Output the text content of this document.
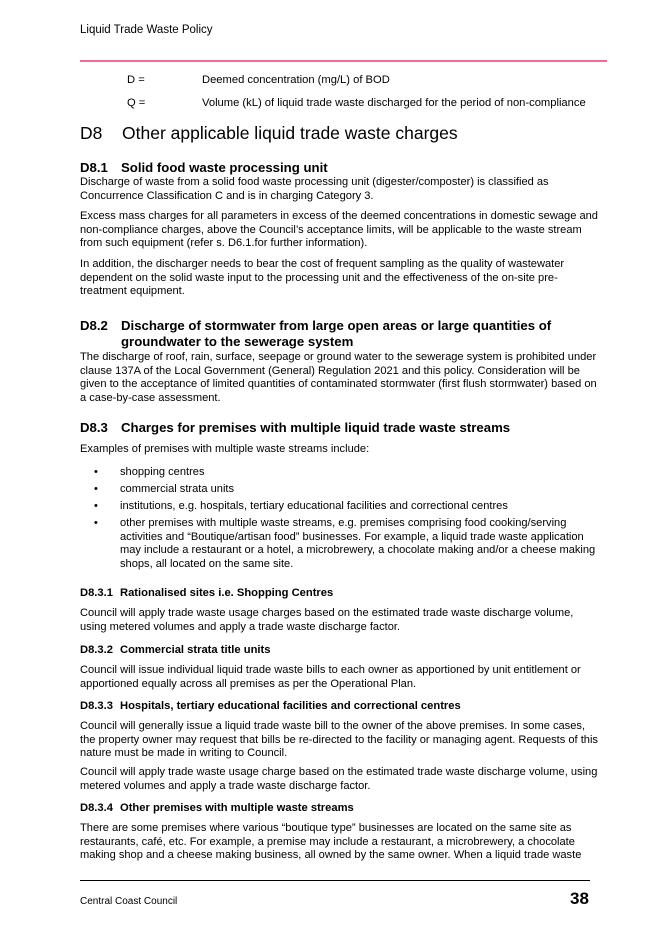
Liquid Trade Waste Policy
D =	Deemed concentration (mg/L) of BOD
Q =	Volume (kL) of liquid trade waste discharged for the period of non-compliance
D8 Other applicable liquid trade waste charges
D8.1 Solid food waste processing unit
Discharge of waste from a solid food waste processing unit (digester/composter) is classified as Concurrence Classification C and is in charging Category 3.
Excess mass charges for all parameters in excess of the deemed concentrations in domestic sewage and non-compliance charges, above the Council’s acceptance limits, will be applicable to the waste stream from such equipment (refer s. D6.1.for further information).
In addition, the discharger needs to bear the cost of frequent sampling as the quality of wastewater dependent on the solid waste input to the processing unit and the effectiveness of the on-site pre-treatment equipment.
D8.2 Discharge of stormwater from large open areas or large quantities of
groundwater to the sewerage system
The discharge of roof, rain, surface, seepage or ground water to the sewerage system is prohibited under clause 137A of the Local Government (General) Regulation 2021 and this policy. Consideration will be given to the acceptance of limited quantities of contaminated stormwater (first flush stormwater) based on a case-by-case assessment.
D8.3 Charges for premises with multiple liquid trade waste streams
Examples of premises with multiple waste streams include:
• shopping centres
• commercial strata units
• institutions, e.g. hospitals, tertiary educational facilities and correctional centres
• other premises with multiple waste streams, e.g. premises comprising food cooking/serving activities and “Boutique/artisan food” businesses. For example, a liquid trade waste application may include a restaurant or a hotel, a microbrewery, a chocolate making and/or a cheese making shops, all located on the same site.
D8.3.1 Rationalised sites i.e. Shopping Centres
Council will apply trade waste usage charges based on the estimated trade waste discharge volume, using metered volumes and apply a trade waste discharge factor.
D8.3.2 Commercial strata title units
Council will issue individual liquid trade waste bills to each owner as apportioned by unit entitlement or apportioned equally across all premises as per the Operational Plan.
D8.3.3 Hospitals, tertiary educational facilities and correctional centres
Council will generally issue a liquid trade waste bill to the owner of the above premises. In some cases, the property owner may request that bills be re-directed to the facility or managing agent. Requests of this nature must be made in writing to Council.
Council will apply trade waste usage charge based on the estimated trade waste discharge volume, using metered volumes and apply a trade waste discharge factor.
D8.3.4 Other premises with multiple waste streams
There are some premises where various “boutique type” businesses are located on the same site as restaurants, café, etc. For example, a premise may include a restaurant, a microbrewery, a chocolate making shop and a cheese making business, all owned by the same owner. When a liquid trade waste
Central Coast Council	38
